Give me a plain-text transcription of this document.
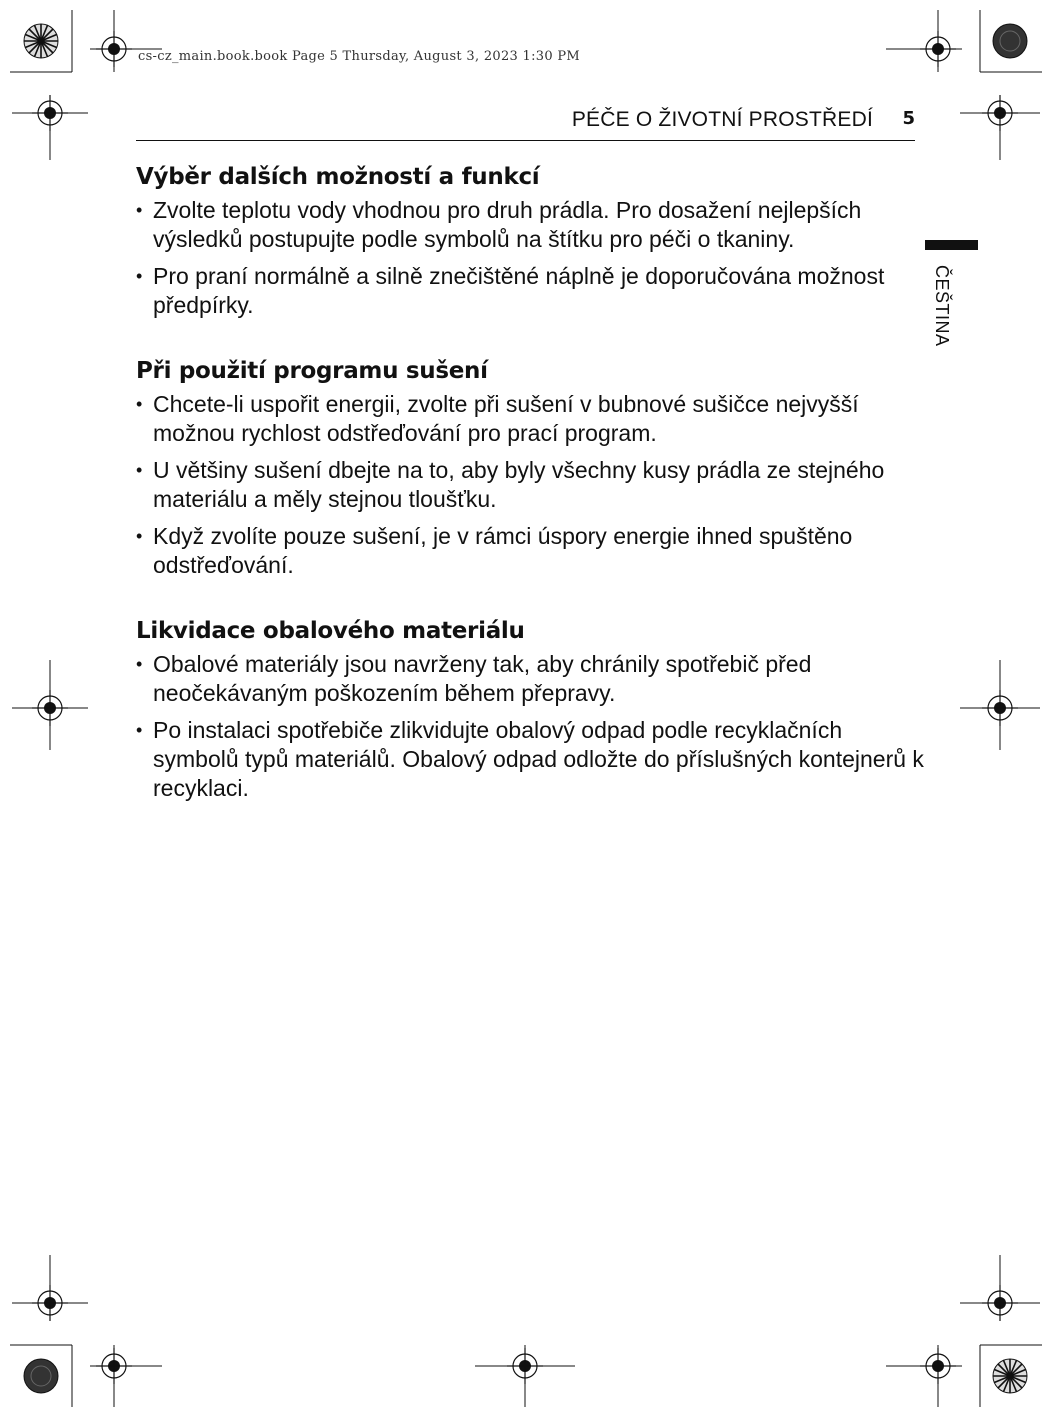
cs-cz_main.book.book Page 5 Thursday, August 3, 2023 1:30 PM
PÉČE O ŽIVOTNÍ PROSTŘEDÍ 5
ČEŠTINA
Výběr dalších možností a funkcí
• Zvolte teplotu vody vhodnou pro druh prádla. Pro dosažení nejlepších výsledků postupujte podle symbolů na štítku pro péči o tkaniny.
• Pro praní normálně a silně znečištěné náplně je doporučována možnost předpírky.
Při použití programu sušení
• Chcete-li uspořit energii, zvolte při sušení v bubnové sušičce nejvyšší možnou rychlost odstřeďování pro prací program.
• U většiny sušení dbejte na to, aby byly všechny kusy prádla ze stejného materiálu a měly stejnou tloušťku.
• Když zvolíte pouze sušení, je v rámci úspory energie ihned spuštěno odstřeďování.
Likvidace obalového materiálu
• Obalové materiály jsou navrženy tak, aby chránily spotřebič před neočekávaným poškozením během přepravy.
• Po instalaci spotřebiče zlikvidujte obalový odpad podle recyklačních symbolů typů materiálů. Obalový odpad odložte do příslušných kontejnerů k recyklaci.
